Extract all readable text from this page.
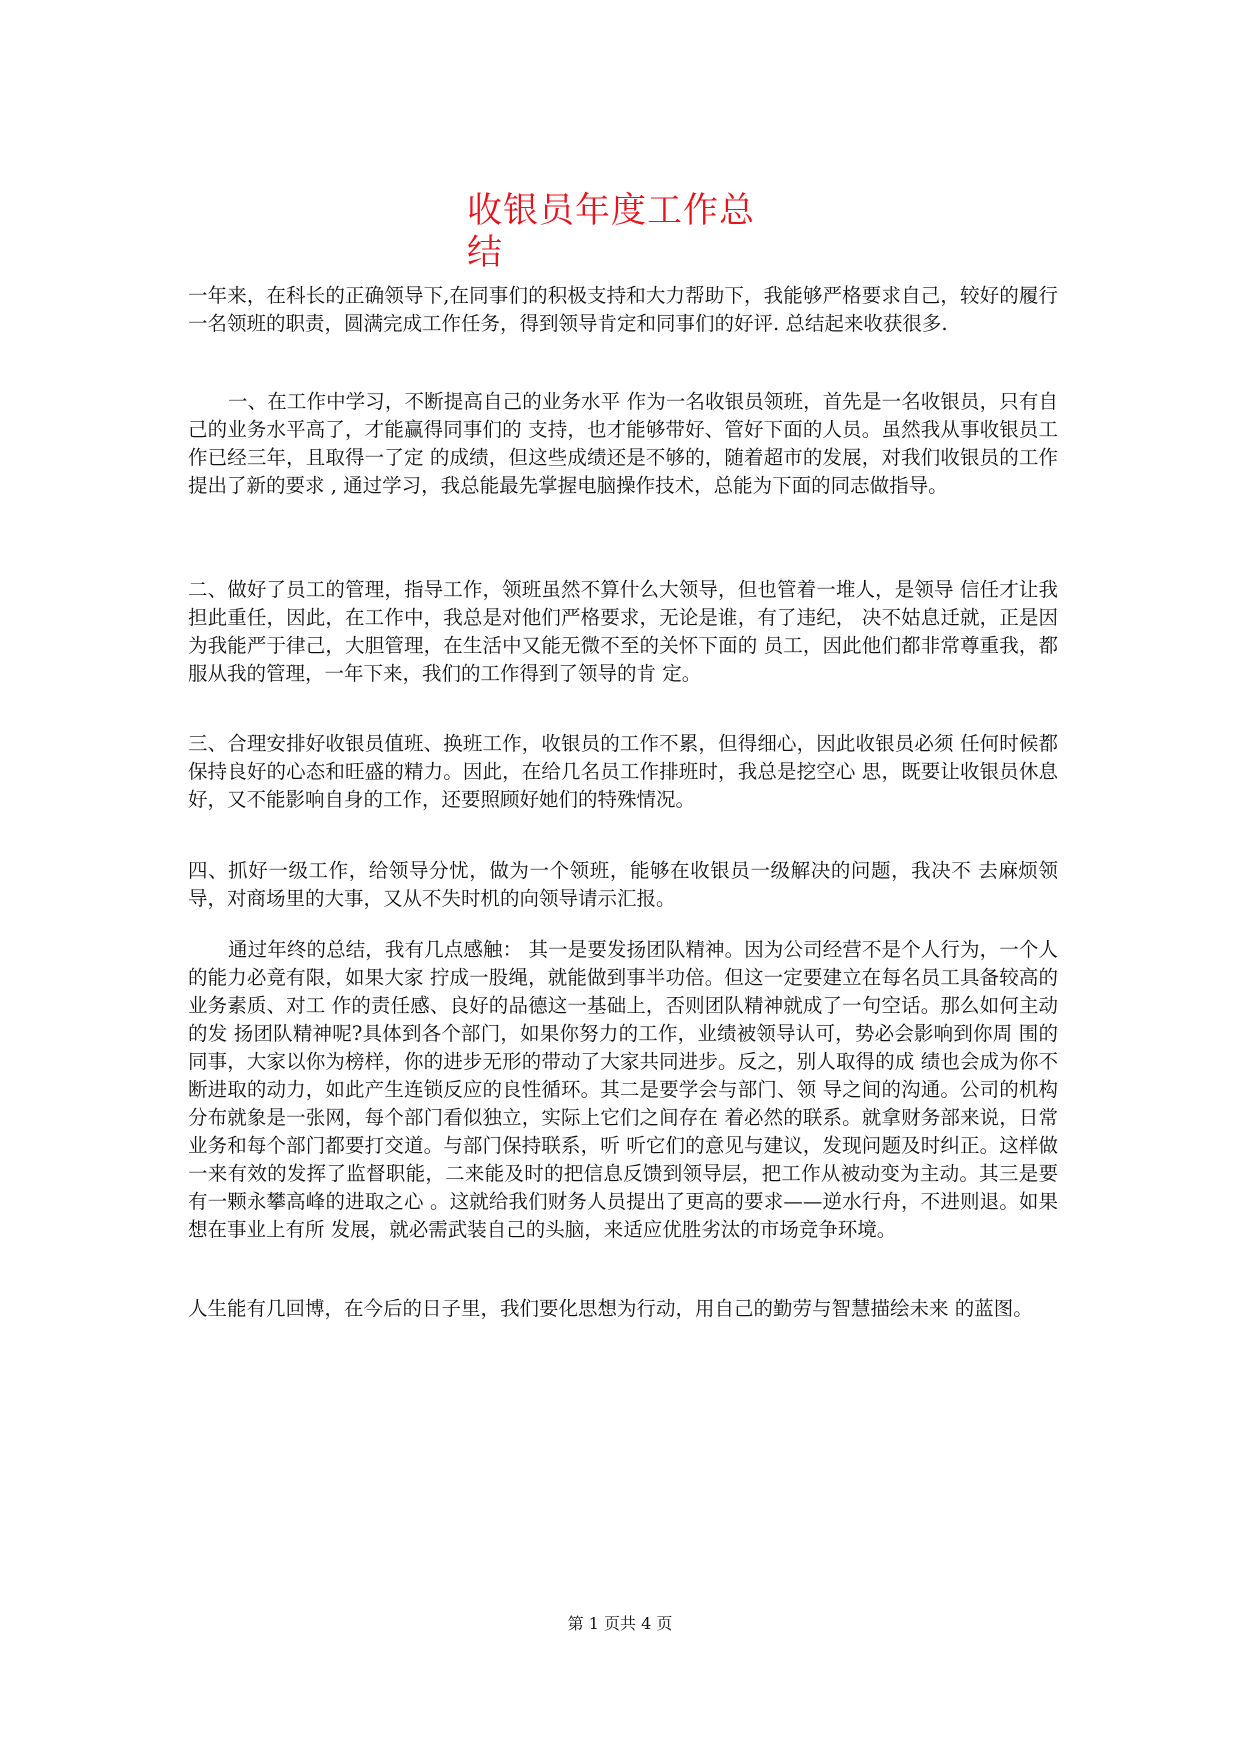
收银员年度工作总结

一年来，在科长的正确领导下,在同事们的积极支持和大力帮助下，我能够严格要求自己，较好的履行一名领班的职责，圆满完成工作任务，得到领导肯定和同事们的好评. 总结起来收获很多.

一、在工作中学习，不断提高自己的业务水平 作为一名收银员领班，首先是一名收银员，只有自己的业务水平高了，才能赢得同事们的 支持，也才能够带好、管好下面的人员。虽然我从事收银员工作已经三年，且取得一了定 的成绩，但这些成绩还是不够的，随着超市的发展，对我们收银员的工作提出了新的要求 , 通过学习，我总能最先掌握电脑操作技术，总能为下面的同志做指导。

二、做好了员工的管理，指导工作，领班虽然不算什么大领导，但也管着一堆人，是领导 信任才让我担此重任，因此，在工作中，我总是对他们严格要求，无论是谁，有了违纪， 决不姑息迁就，正是因为我能严于律己，大胆管理，在生活中又能无微不至的关怀下面的 员工，因此他们都非常尊重我，都服从我的管理，一年下来，我们的工作得到了领导的肯 定。

三、合理安排好收银员值班、换班工作，收银员的工作不累，但得细心，因此收银员必须 任何时候都保持良好的心态和旺盛的精力。因此，在给几名员工作排班时，我总是挖空心 思，既要让收银员休息好，又不能影响自身的工作，还要照顾好她们的特殊情况。

四、抓好一级工作，给领导分忧，做为一个领班，能够在收银员一级解决的问题，我决不 去麻烦领导，对商场里的大事，又从不失时机的向领导请示汇报。

通过年终的总结，我有几点感触： 其一是要发扬团队精神。因为公司经营不是个人行为，一个人的能力必竟有限，如果大家 拧成一股绳，就能做到事半功倍。但这一定要建立在每名员工具备较高的业务素质、对工 作的责任感、良好的品德这一基础上，否则团队精神就成了一句空话。那么如何主动的发 扬团队精神呢?具体到各个部门，如果你努力的工作，业绩被领导认可，势必会影响到你周 围的同事，大家以你为榜样，你的进步无形的带动了大家共同进步。反之，别人取得的成 绩也会成为你不断进取的动力，如此产生连锁反应的良性循环。其二是要学会与部门、领 导之间的沟通。公司的机构分布就象是一张网，每个部门看似独立，实际上它们之间存在 着必然的联系。就拿财务部来说，日常业务和每个部门都要打交道。与部门保持联系，听 听它们的意见与建议，发现问题及时纠正。这样做一来有效的发挥了监督职能，二来能及时的把信息反馈到领导层，把工作从被动变为主动。其三是要有一颗永攀高峰的进取之心 。这就给我们财务人员提出了更高的要求——逆水行舟，不进则退。如果想在事业上有所 发展，就必需武装自己的头脑，来适应优胜劣汰的市场竞争环境。

人生能有几回博，在今后的日子里，我们要化思想为行动，用自己的勤劳与智慧描绘未来 的蓝图。

第 1 页共 4 页
